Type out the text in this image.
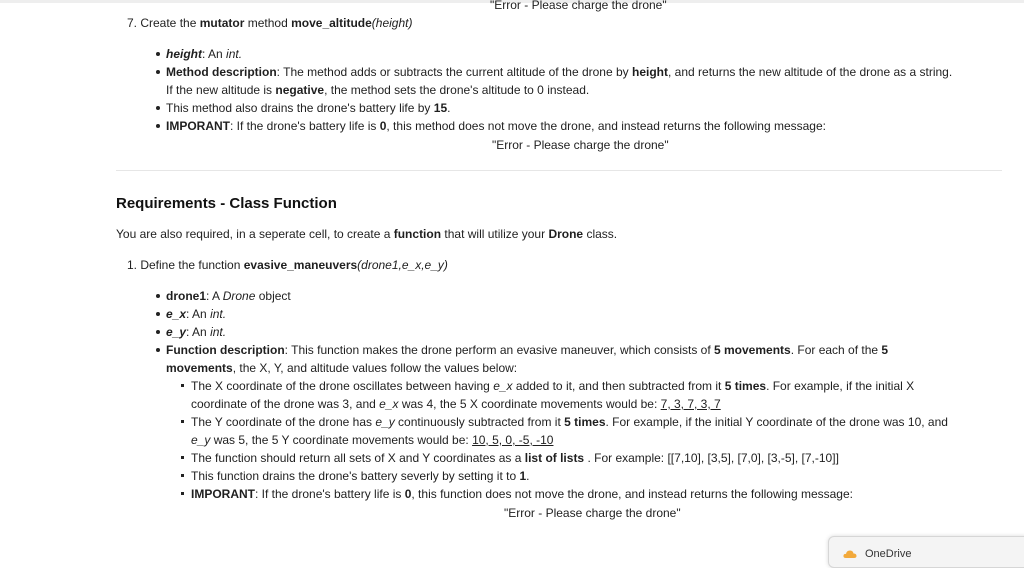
"Error - Please charge the drone"
7. Create the mutator method move_altitude(height)
height: An int.
Method description: The method adds or subtracts the current altitude of the drone by height, and returns the new altitude of the drone as a string.
If the new altitude is negative, the method sets the drone's altitude to 0 instead.
This method also drains the drone's battery life by 15.
IMPORANT: If the drone's battery life is 0, this method does not move the drone, and instead returns the following message:
"Error - Please charge the drone"
Requirements - Class Function
You are also required, in a seperate cell, to create a function that will utilize your Drone class.
1. Define the function evasive_maneuvers(drone1,e_x,e_y)
drone1: A Drone object
e_x: An int.
e_y: An int.
Function description: This function makes the drone perform an evasive maneuver, which consists of 5 movements. For each of the 5
movements, the X, Y, and altitude values follow the values below:
The X coordinate of the drone oscillates between having e_x added to it, and then subtracted from it 5 times. For example, if the initial X
coordinate of the drone was 3, and e_x was 4, the 5 X coordinate movements would be: 7, 3, 7, 3, 7
The Y coordinate of the drone has e_y continuously subtracted from it 5 times. For example, if the initial Y coordinate of the drone was 10, and
e_y was 5, the 5 Y coordinate movements would be: 10, 5, 0, -5, -10
The function should return all sets of X and Y coordinates as a list of lists . For example: [[7,10], [3,5], [7,0], [3,-5], [7,-10]]
This function drains the drone's battery severly by setting it to 1.
IMPORANT: If the drone's battery life is 0, this function does not move the drone, and instead returns the following message:
"Error - Please charge the drone"
OneDrive
